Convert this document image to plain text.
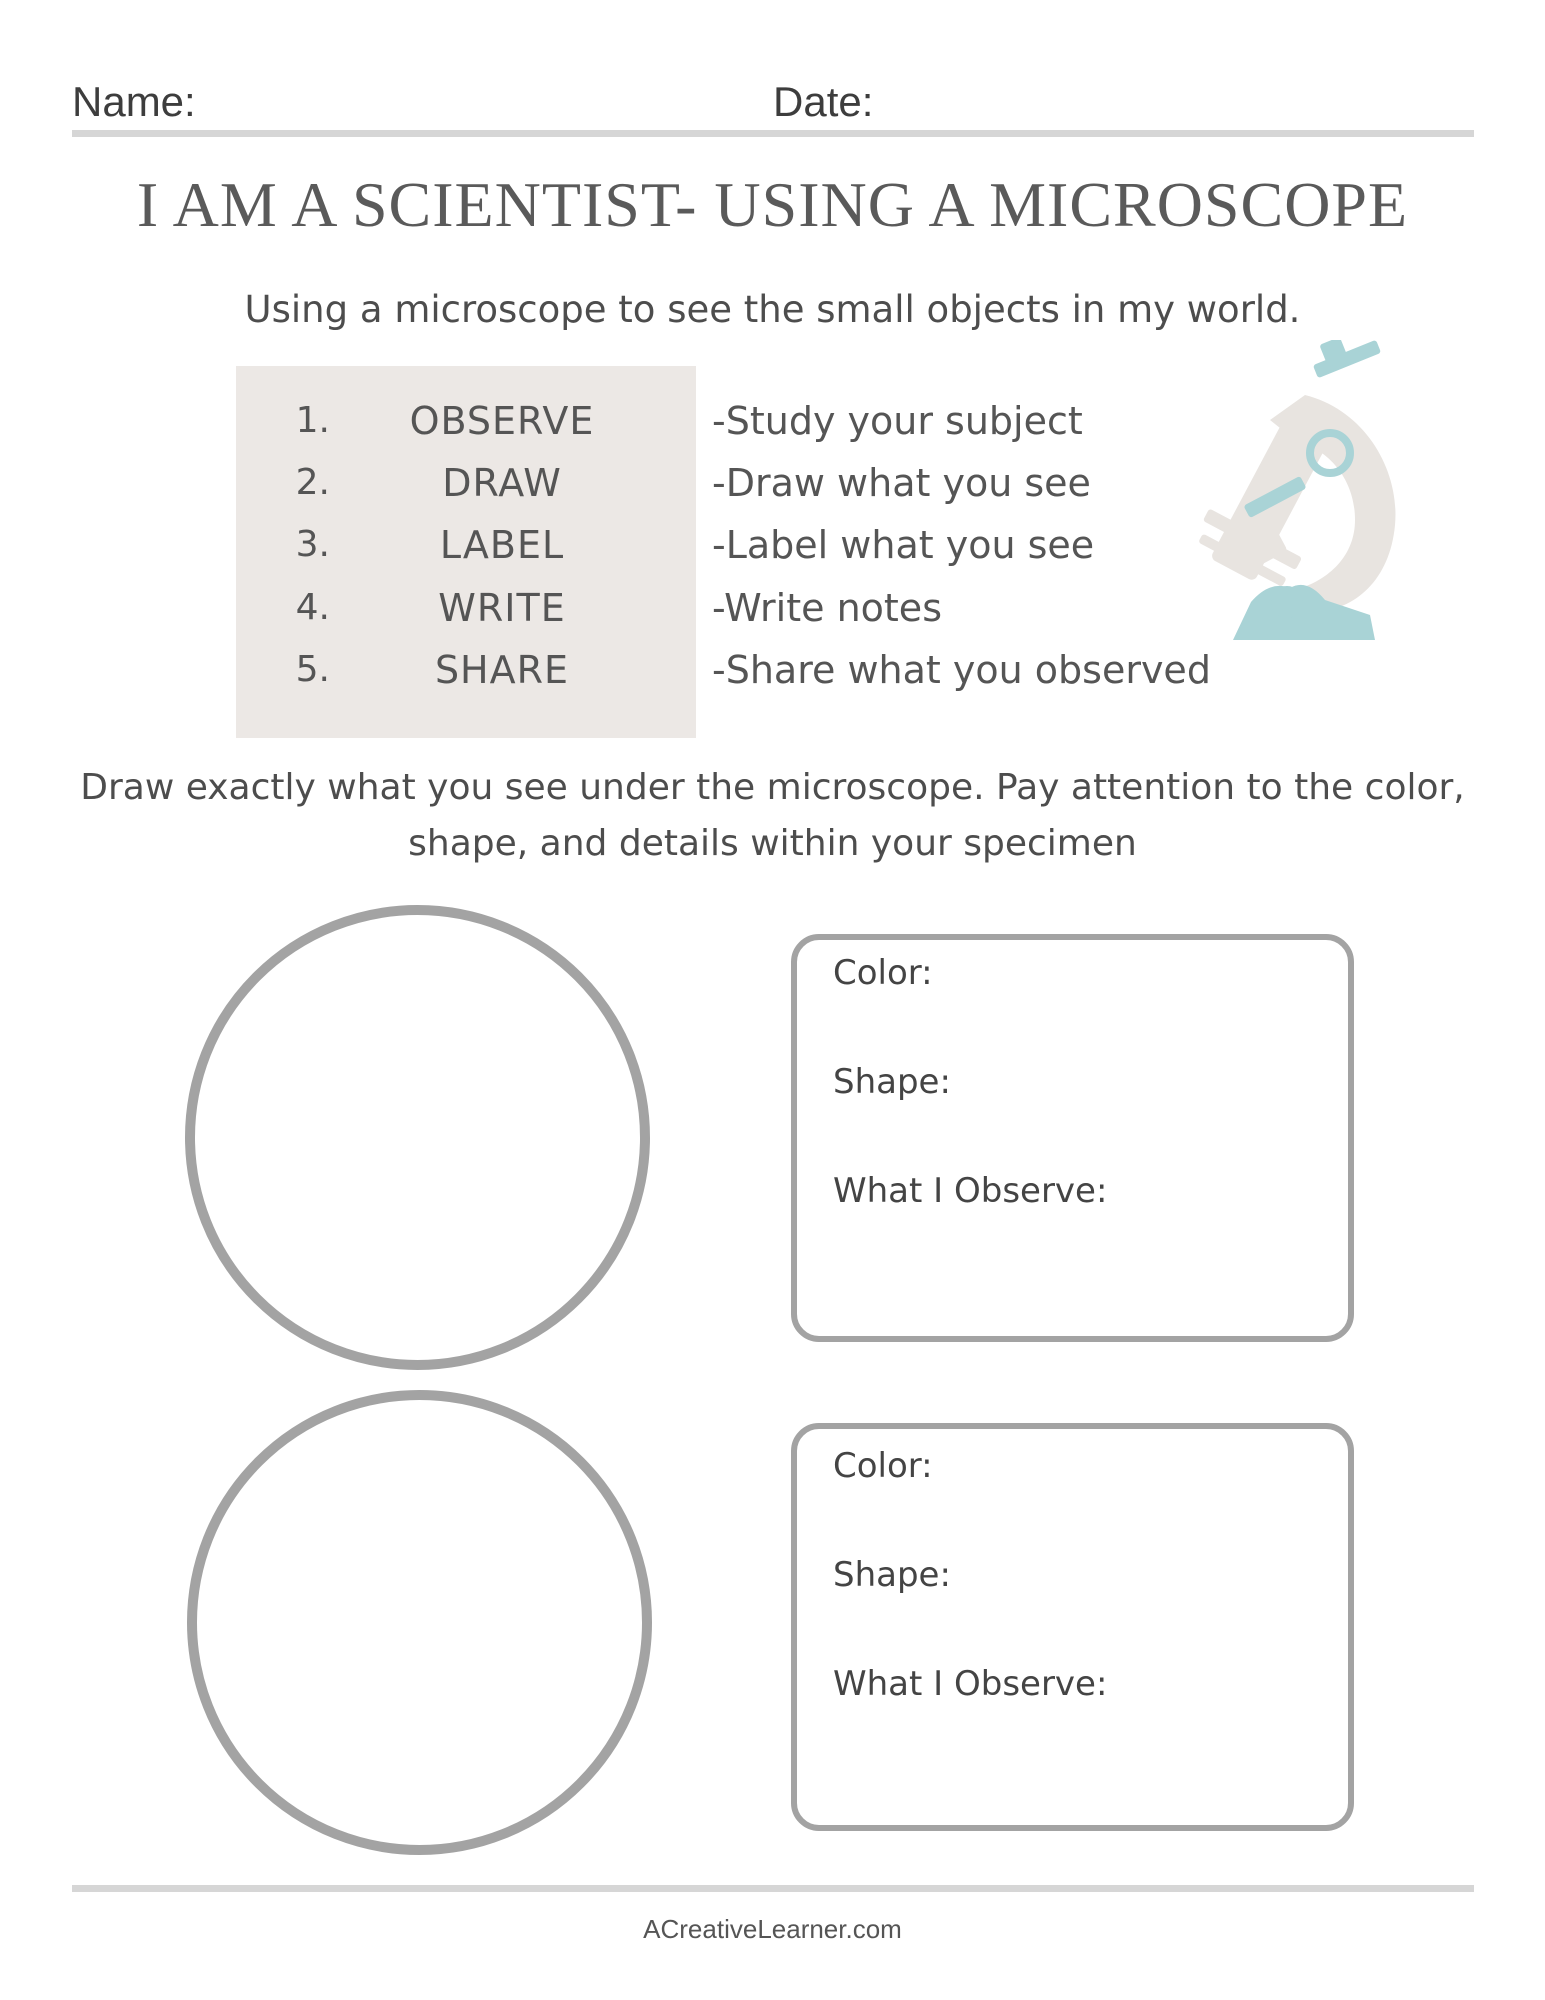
Name:	Date:
I AM A SCIENTIST- USING A MICROSCOPE
Using a microscope to see the small objects in my world.
1.	OBSERVE	-Study your subject
2.	DRAW	-Draw what you see
3.	LABEL	-Label what you see
4.	WRITE	-Write notes
5.	SHARE	-Share what you observed
Draw exactly what you see under the microscope. Pay attention to the color, shape, and details within your specimen
Color:
Shape:
What I Observe:
Color:
Shape:
What I Observe:
ACreativeLearner.com
